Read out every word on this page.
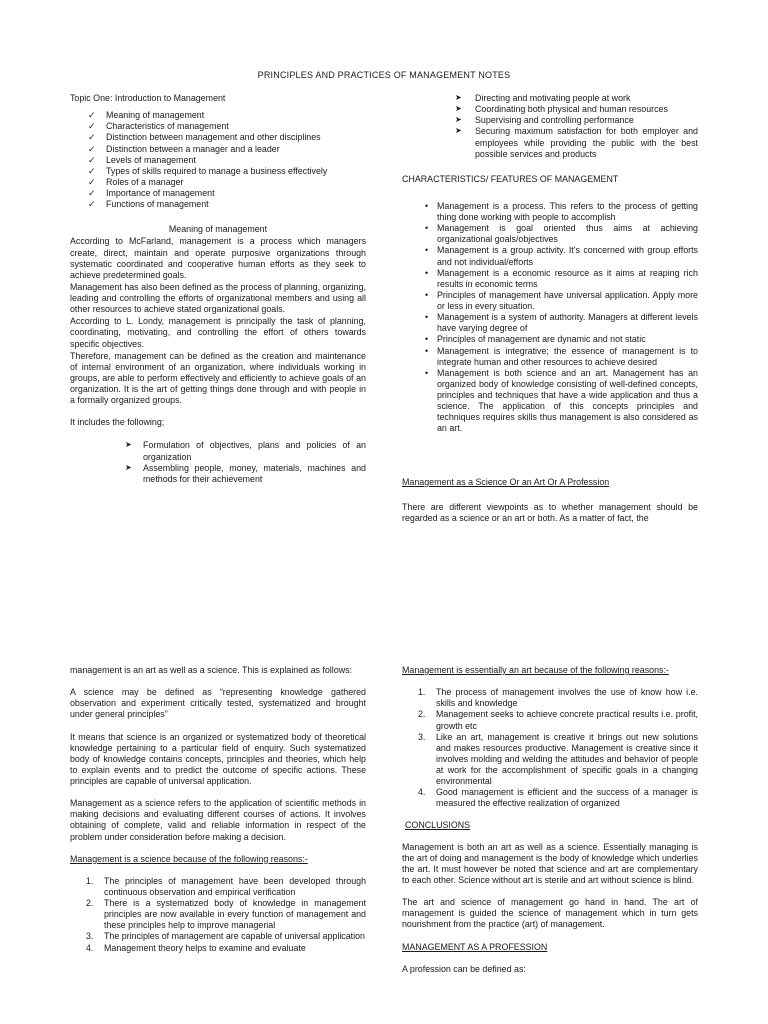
PRINCIPLES AND PRACTICES OF MANAGEMENT NOTES

Topic One: Introduction to Management

✓ Meaning of management
✓ Characteristics of management
✓ Distinction between management and other disciplines
✓ Distinction between a manager and a leader
✓ Levels of management
✓ Types of skills required to manage a business effectively
✓ Roles of a manager
✓ Importance of management
✓ Functions of management

Meaning of management

According to McFarland, management is a process which managers create, direct, maintain and operate purposive organizations through systematic coordinated and cooperative human efforts as they seek to achieve predetermined goals.

Management has also been defined as the process of planning, organizing, leading and controlling the efforts of organizational members and using all other resources to achieve stated organizational goals.

According to L. Londy, management is principally the task of planning, coordinating, motivating, and controlling the effort of others towards specific objectives.

Therefore, management can be defined as the creation and maintenance of internal environment of an organization, where individuals working in groups, are able to perform effectively and efficiently to achieve goals of an organization. It is the art of getting things done through and with people in a formally organized groups.

It includes the following;

➤ Formulation of objectives, plans and policies of an organization
➤ Assembling people, money, materials, machines and methods for their achievement
➤ Directing and motivating people at work
➤ Coordinating both physical and human resources
➤ Supervising and controlling performance
➤ Securing maximum satisfaction for both employer and employees while providing the public with the best possible services and products

CHARACTERISTICS/ FEATURES OF MANAGEMENT

• Management is a process. This refers to the process of getting thing done working with people to accomplish
• Management is goal oriented thus aims at achieving organizational goals/objectives
• Management is a group activity. It's concerned with group efforts and not individual/efforts
• Management is a economic resource as it aims at reaping rich results in economic terms
• Principles of management have universal application. Apply more or less in every situation.
• Management is a system of authority. Managers at different levels have varying degree of
• Principles of management are dynamic and not static
• Management is integrative; the essence of management is to integrate human and other resources to achieve desired
• Management is both science and an art. Management has an organized body of knowledge consisting of well-defined concepts, principles and techniques that have a wide application and thus a science. The application of this concepts principles and techniques requires skills thus management is also considered as an art.

Management as a Science Or an Art Or A Profession

There are different viewpoints as to whether management should be regarded as a science or an art or both. As a matter of fact, the

management is an art as well as a science. This is explained as follows:

A science may be defined as “representing knowledge gathered observation and experiment critically tested, systematized and brought under general principles”

It means that science is an organized or systematized body of theoretical knowledge pertaining to a particular field of enquiry. Such systematized body of knowledge contains concepts, principles and theories, which help to explain events and to predict the outcome of specific actions. These principles are capable of universal application.

Management as a science refers to the application of scientific methods in making decisions and evaluating different courses of actions. It involves obtaining of complete, valid and reliable information in respect of the problem under consideration before making a decision.

Management is a science because of the following reasons:-

1. The principles of management have been developed through continuous observation and empirical verification
2. There is a systematized body of knowledge in management principles are now available in every function of management and these principles help to improve managerial
3. The principles of management are capable of universal application
4. Management theory helps to examine and evaluate

Management is essentially an art because of the following reasons:-

1. The process of management involves the use of know how i.e. skills and knowledge
2. Management seeks to achieve concrete practical results i.e. profit, growth etc
3. Like an art, management is creative it brings out new solutions and makes resources productive. Management is creative since it involves molding and welding the attitudes and behavior of people at work for the accomplishment of specific goals in a changing environmental
4. Good management is efficient and the success of a manager is measured the effective realization of organized

CONCLUSIONS

Management is both an art as well as a science. Essentially managing is the art of doing and management is the body of knowledge which underlies the art. It must however be noted that science and art are complementary to each other. Science without art is sterile and art without science is blind.

The art and science of management go hand in hand. The art of management is guided the science of management which in turn gets nourishment from the practice (art) of management.

MANAGEMENT AS A PROFESSION

A profession can be defined as:
